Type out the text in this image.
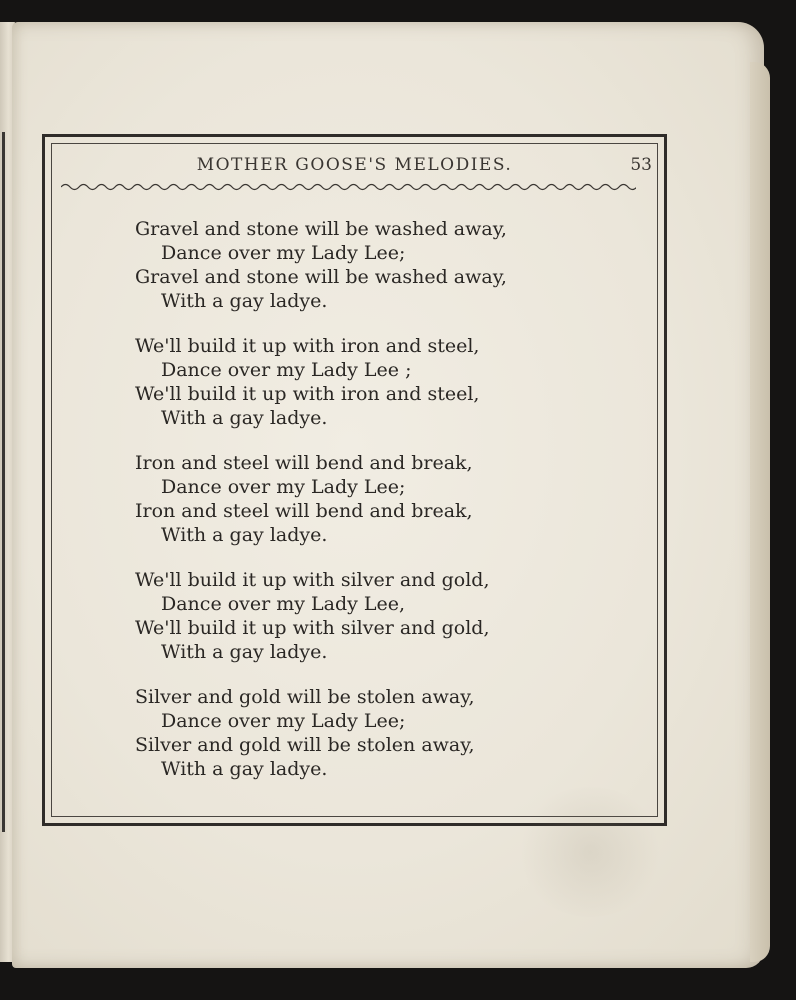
MOTHER GOOSE'S MELODIES.	53
Gravel and stone will be washed away,
Dance over my Lady Lee;
Gravel and stone will be washed away,
With a gay ladye.
We'll build it up with iron and steel,
Dance over my Lady Lee ;
We'll build it up with iron and steel,
With a gay ladye.
Iron and steel will bend and break,
Dance over my Lady Lee;
Iron and steel will bend and break,
With a gay ladye.
We'll build it up with silver and gold,
Dance over my Lady Lee,
We'll build it up with silver and gold,
With a gay ladye.
Silver and gold will be stolen away,
Dance over my Lady Lee;
Silver and gold will be stolen away,
With a gay ladye.
